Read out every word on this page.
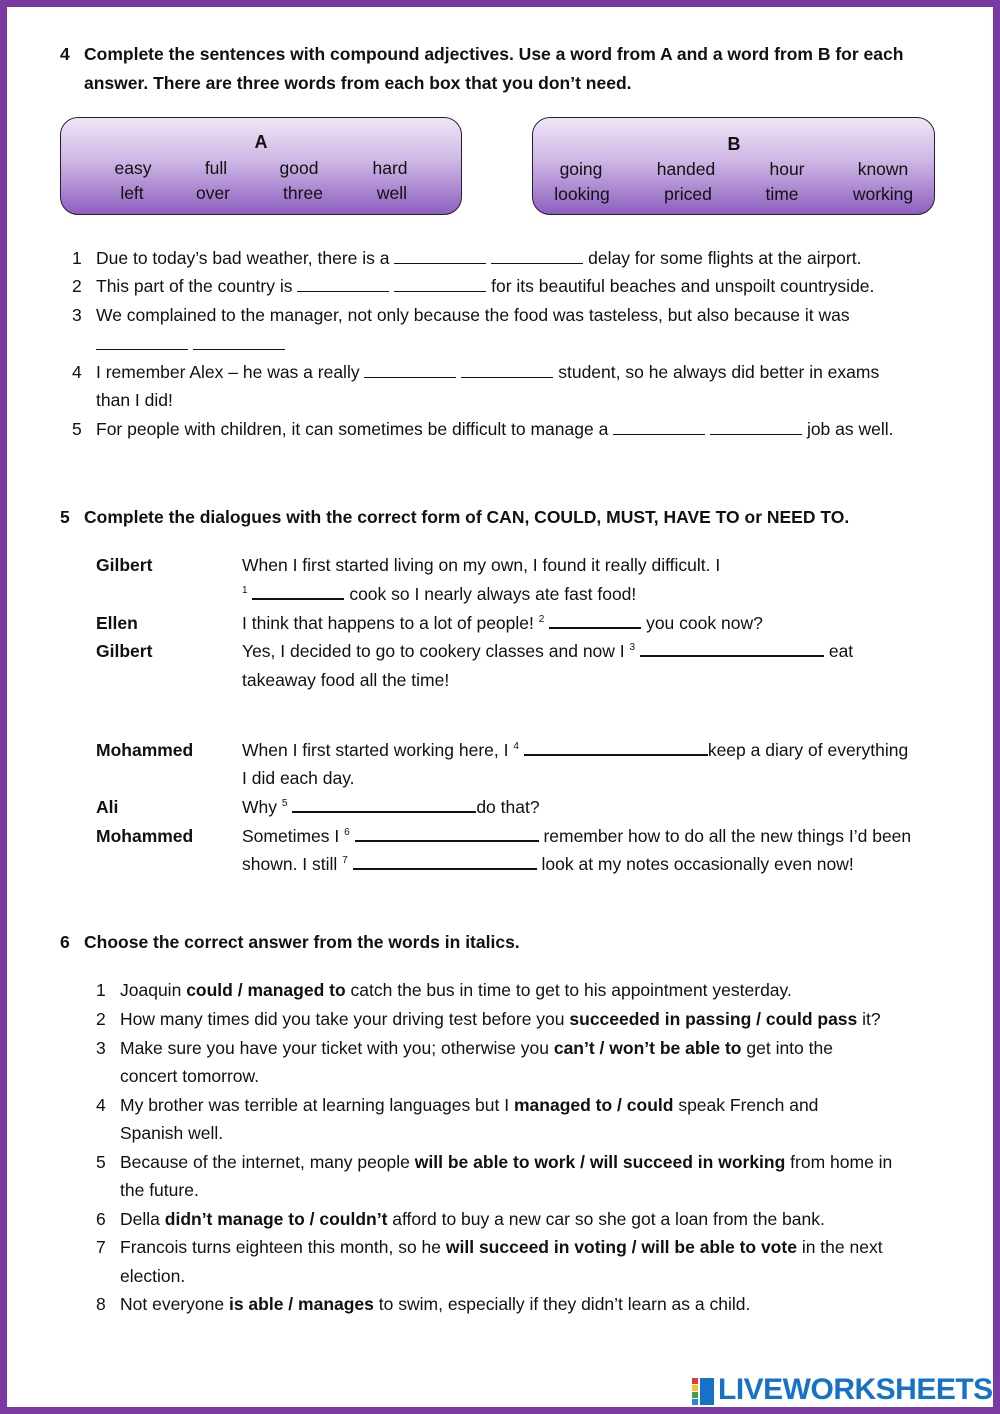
4 Complete the sentences with compound adjectives. Use a word from A and a word from B for each
answer. There are three words from each box that you don’t need.
A
easy	full	good	hard
left	over	three	well
B
going	handed	hour	known
looking	priced	time	working
1 Due to today’s bad weather, there is a	delay for some flights at the airport.
2 This part of the country is	for its beautiful beaches and unspoilt countryside.
3 We complained to the manager, not only because the food was tasteless, but also because it was

4 I remember Alex – he was a really	student, so he always did better in exams
than I did!
5 For people with children, it can sometimes be difficult to manage a	job as well.
5 Complete the dialogues with the correct form of CAN, COULD, MUST, HAVE TO or NEED TO.
Gilbert	When I first started living on my own, I found it really difficult. I
$^1$	cook so I nearly always ate fast food!
Ellen	I think that happens to a lot of people! $^2$	you cook now?
Gilbert	Yes, I decided to go to cookery classes and now I $^3$	eat
takeaway food all the time!
Mohammed	When I first started working here, I $^4$	keep a diary of everything
I did each day.
Ali	Why $^5$	do that?
Mohammed	Sometimes I $^6$	remember how to do all the new things I’d been
shown. I still $^7$	look at my notes occasionally even now!
6 Choose the correct answer from the words in italics.
1 Joaquin could / managed to catch the bus in time to get to his appointment yesterday.
2 How many times did you take your driving test before you succeeded in passing / could pass it?
3 Make sure you have your ticket with you; otherwise you can’t / won’t be able to get into the
concert tomorrow.
4 My brother was terrible at learning languages but I managed to / could speak French and
Spanish well.
5 Because of the internet, many people will be able to work / will succeed in working from home in
the future.
6 Della didn’t manage to / couldn’t afford to buy a new car so she got a loan from the bank.
7 Francois turns eighteen this month, so he will succeed in voting / will be able to vote in the next
election.
8 Not everyone is able / manages to swim, especially if they didn’t learn as a child.
LIVEWORKSHEETS
